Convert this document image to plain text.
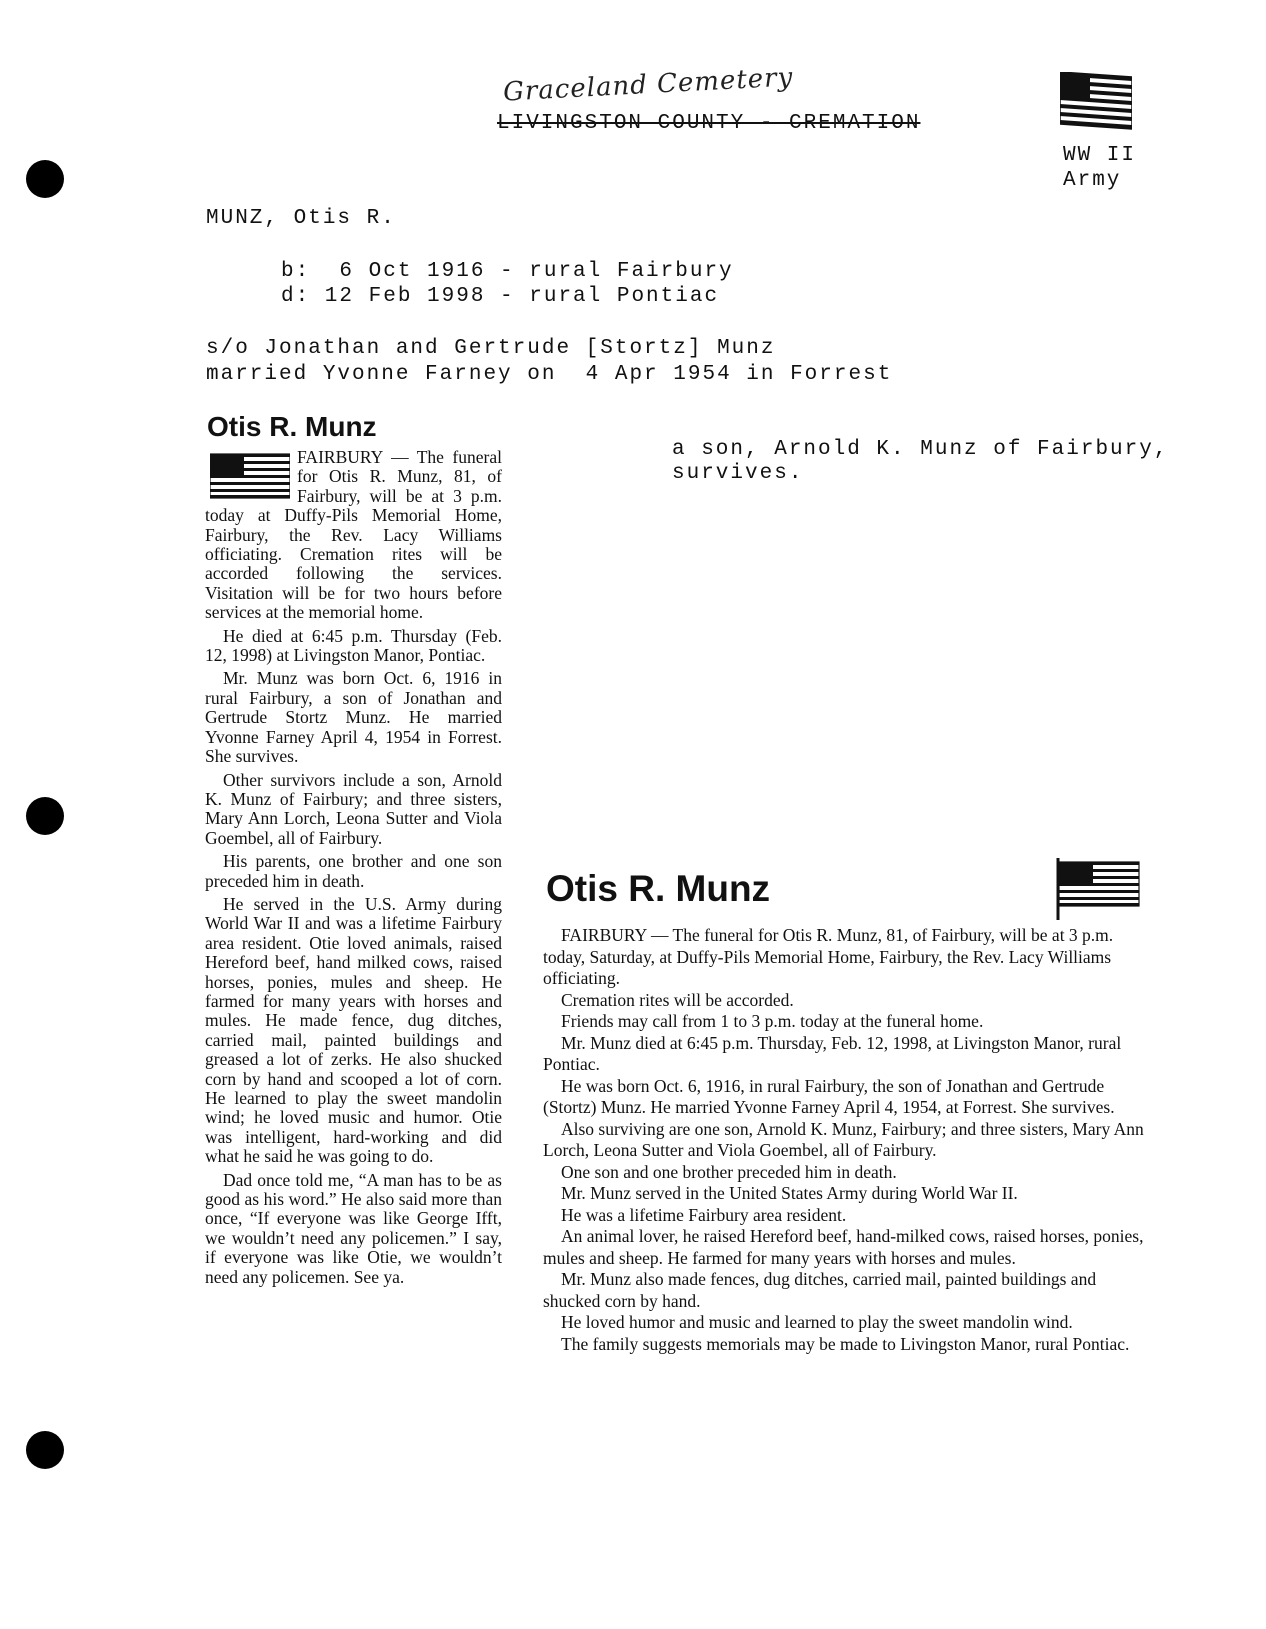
Graceland Cemetery
LIVINGSTON COUNTY - CREMATION
WW II
Army
MUNZ, Otis R.
b:  6 Oct 1916 - rural Fairbury
d: 12 Feb 1998 - rural Pontiac
s/o Jonathan and Gertrude [Stortz] Munz
married Yvonne Farney on  4 Apr 1954 in Forrest
a son, Arnold K. Munz of Fairbury,
survives.
Otis R. Munz

FAIRBURY — The funeral for Otis R. Munz, 81, of Fairbury, will be at 3 p.m. today at Duffy-Pils Memorial Home, Fairbury, the Rev. Lacy Williams officiating. Cremation rites will be accorded following the services. Visitation will be for two hours before services at the memorial home.

He died at 6:45 p.m. Thursday (Feb. 12, 1998) at Livingston Manor, Pontiac.

Mr. Munz was born Oct. 6, 1916 in rural Fairbury, a son of Jonathan and Gertrude Stortz Munz. He married Yvonne Farney April 4, 1954 in Forrest. She survives.

Other survivors include a son, Arnold K. Munz of Fairbury; and three sisters, Mary Ann Lorch, Leona Sutter and Viola Goembel, all of Fairbury.

His parents, one brother and one son preceded him in death.

He served in the U.S. Army during World War II and was a lifetime Fairbury area resident. Otie loved animals, raised Hereford beef, hand milked cows, raised horses, ponies, mules and sheep. He farmed for many years with horses and mules. He made fence, dug ditches, carried mail, painted buildings and greased a lot of zerks. He also shucked corn by hand and scooped a lot of corn. He learned to play the sweet mandolin wind; he loved music and humor. Otie was intelligent, hard-working and did what he said he was going to do.

Dad once told me, “A man has to be as good as his word.” He also said more than once, “If everyone was like George Ifft, we wouldn’t need any policemen.” I say, if everyone was like Otie, we wouldn’t need any policemen. See ya.

Otis R. Munz

FAIRBURY — The funeral for Otis R. Munz, 81, of Fairbury, will be at 3 p.m. today, Saturday, at Duffy-Pils Memorial Home, Fairbury, the Rev. Lacy Williams officiating.

Cremation rites will be accorded.

Friends may call from 1 to 3 p.m. today at the funeral home.

Mr. Munz died at 6:45 p.m. Thursday, Feb. 12, 1998, at Livingston Manor, rural Pontiac.

He was born Oct. 6, 1916, in rural Fairbury, the son of Jonathan and Gertrude (Stortz) Munz. He married Yvonne Farney April 4, 1954, at Forrest. She survives.

Also surviving are one son, Arnold K. Munz, Fairbury; and three sisters, Mary Ann Lorch, Leona Sutter and Viola Goembel, all of Fairbury.

One son and one brother preceded him in death.

Mr. Munz served in the United States Army during World War II.

He was a lifetime Fairbury area resident.

An animal lover, he raised Hereford beef, hand-milked cows, raised horses, ponies, mules and sheep. He farmed for many years with horses and mules.

Mr. Munz also made fences, dug ditches, carried mail, painted buildings and shucked corn by hand.

He loved humor and music and learned to play the sweet mandolin wind.

The family suggests memorials may be made to Livingston Manor, rural Pontiac.
